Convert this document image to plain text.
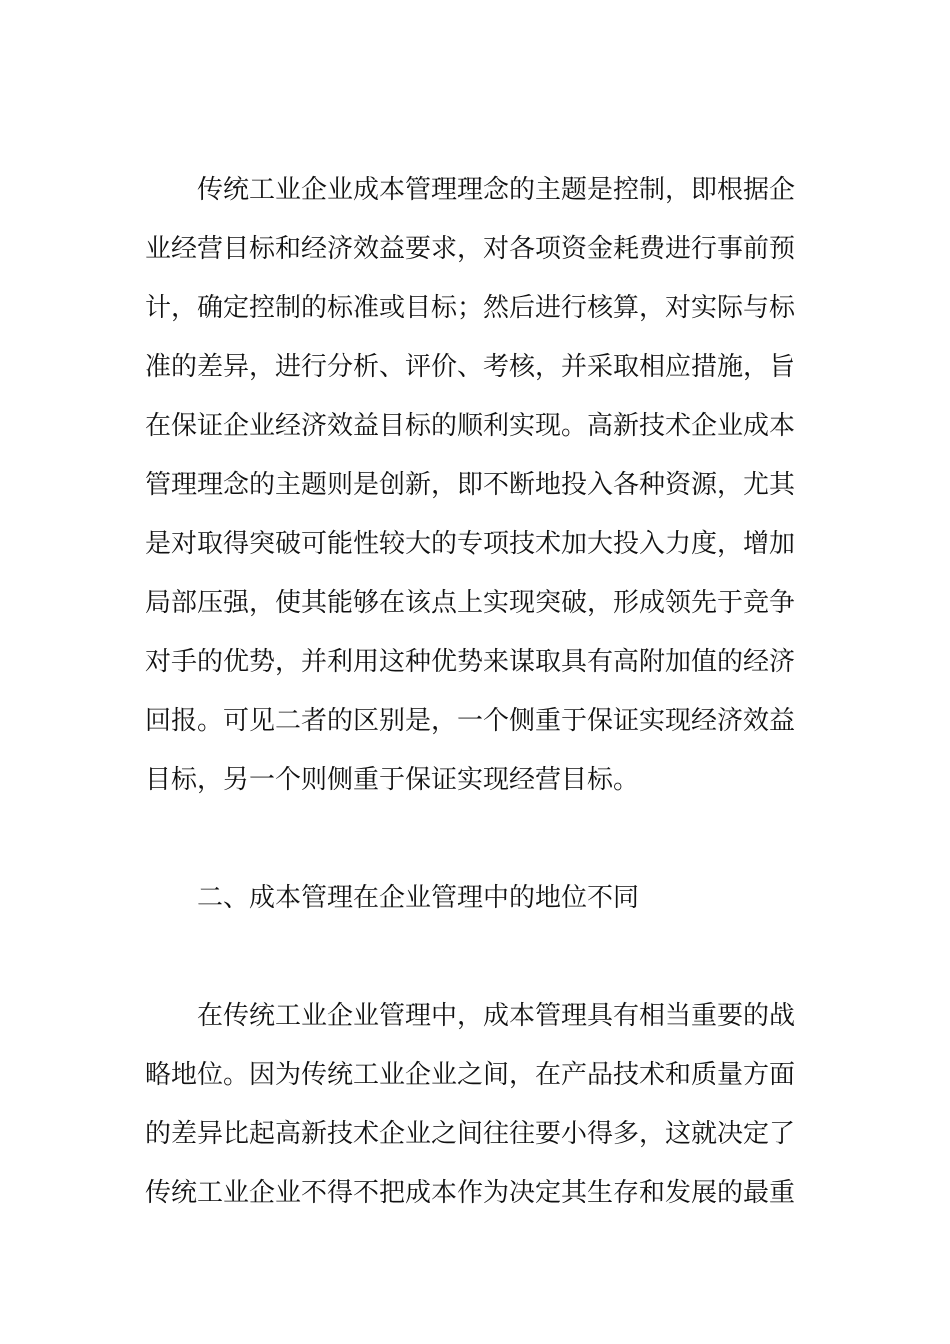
传统工业企业成本管理理念的主题是控制，即根据企
业经营目标和经济效益要求，对各项资金耗费进行事前预
计，确定控制的标准或目标；然后进行核算，对实际与标
准的差异，进行分析、评价、考核，并采取相应措施，旨
在保证企业经济效益目标的顺利实现。高新技术企业成本
管理理念的主题则是创新，即不断地投入各种资源，尤其
是对取得突破可能性较大的专项技术加大投入力度，增加
局部压强，使其能够在该点上实现突破，形成领先于竞争
对手的优势，并利用这种优势来谋取具有高附加值的经济
回报。可见二者的区别是，一个侧重于保证实现经济效益
目标，另一个则侧重于保证实现经营目标。
二、成本管理在企业管理中的地位不同
在传统工业企业管理中，成本管理具有相当重要的战
略地位。因为传统工业企业之间，在产品技术和质量方面
的差异比起高新技术企业之间往往要小得多，这就决定了
传统工业企业不得不把成本作为决定其生存和发展的最重
